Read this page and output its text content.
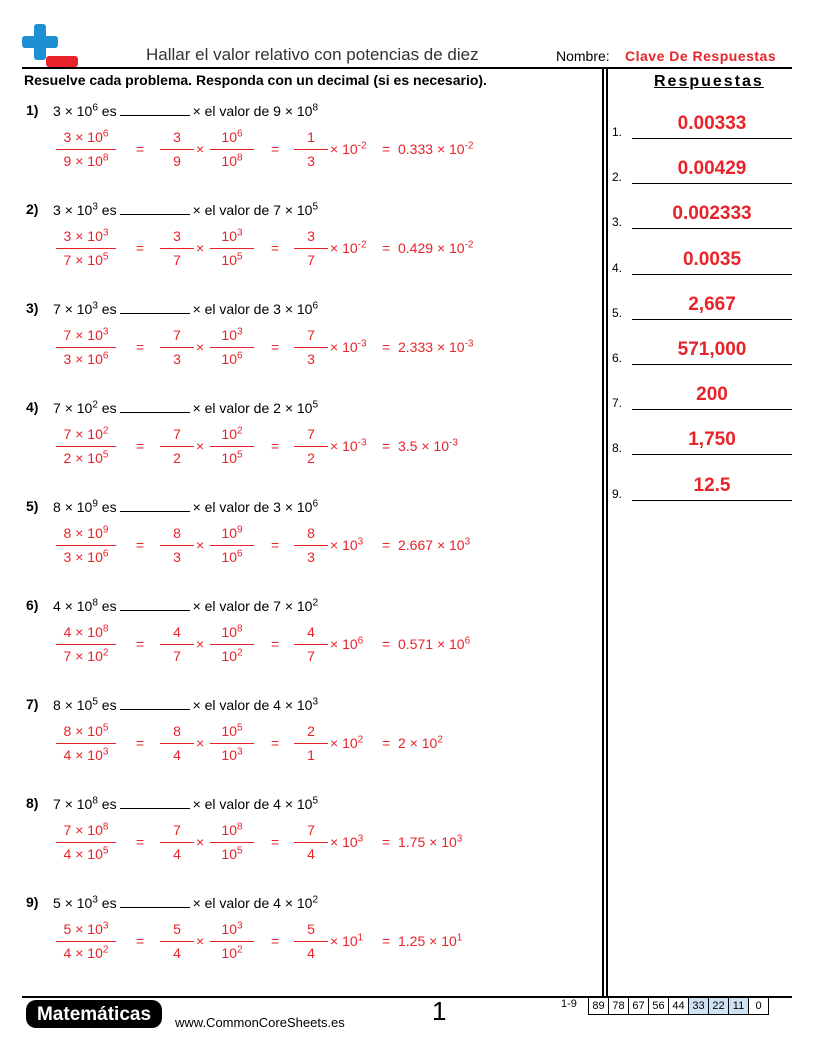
Hallar el valor relativo con potencias de diez	Nombre: Clave De Respuestas
Resuelve cada problema. Responda con un decimal (si es necesario).	Respuestas
1.	0.00333
2.	0.00429
3.	0.002333
4.	0.0035
5.	2,667
6.	571,000
7.	200
8.	1,750
9.	12.5
1) $3 \times 10^6$ es	× el valor de $9 \times 10^8$
$3 \times 10^6$
$9 \times 10^8$
=
3
9
×
$10^6$
$10^8$
=
1
3
× $10^{-2} = 0.333 \times 10^{-2}$
2) $3 \times 10^3$ es	× el valor de $7 \times 10^5$
$3 \times 10^3$
$7 \times 10^5$
=
3
7
×
$10^3$
$10^5$
=
3
7
× $10^{-2} = 0.429 \times 10^{-2}$
3) $7 \times 10^3$ es	× el valor de $3 \times 10^6$
$7 \times 10^3$
$3 \times 10^6$
=
7
3
×
$10^3$
$10^6$
=
7
3
× $10^{-3} = 2.333 \times 10^{-3}$
4) $7 \times 10^2$ es	× el valor de $2 \times 10^5$
$7 \times 10^2$
$2 \times 10^5$
=
7
2
×
$10^2$
$10^5$
=
7
2
× $10^{-3} = 3.5 \times 10^{-3}$
5) $8 \times 10^9$ es	× el valor de $3 \times 10^6$
$8 \times 10^9$
$3 \times 10^6$
=
8
3
×
$10^9$
$10^6$
=
8
3
× $10^3 = 2.667 \times 10^3$
6) $4 \times 10^8$ es	× el valor de $7 \times 10^2$
$4 \times 10^8$
$7 \times 10^2$
=
4
7
×
$10^8$
$10^2$
=
4
7
× $10^6 = 0.571 \times 10^6$
7) $8 \times 10^5$ es	× el valor de $4 \times 10^3$
$8 \times 10^5$
$4 \times 10^3$
=
8
4
×
$10^5$
$10^3$
=
2
1
× $10^2 = 2 \times 10^2$
8) $7 \times 10^8$ es	× el valor de $4 \times 10^5$
$7 \times 10^8$
$4 \times 10^5$
=
7
4
×
$10^8$
$10^5$
=
7
4
× $10^3 = 1.75 \times 10^3$
9) $5 \times 10^3$ es	× el valor de $4 \times 10^2$
$5 \times 10^3$
$4 \times 10^2$
=
5
4
×
$10^3$
$10^2$
=
5
4
× $10^1 = 1.25 \times 10^1$
Matemáticas	www.CommonCoreSheets.es	1	1-9	89 78 67 56 44 33 22 11	0
